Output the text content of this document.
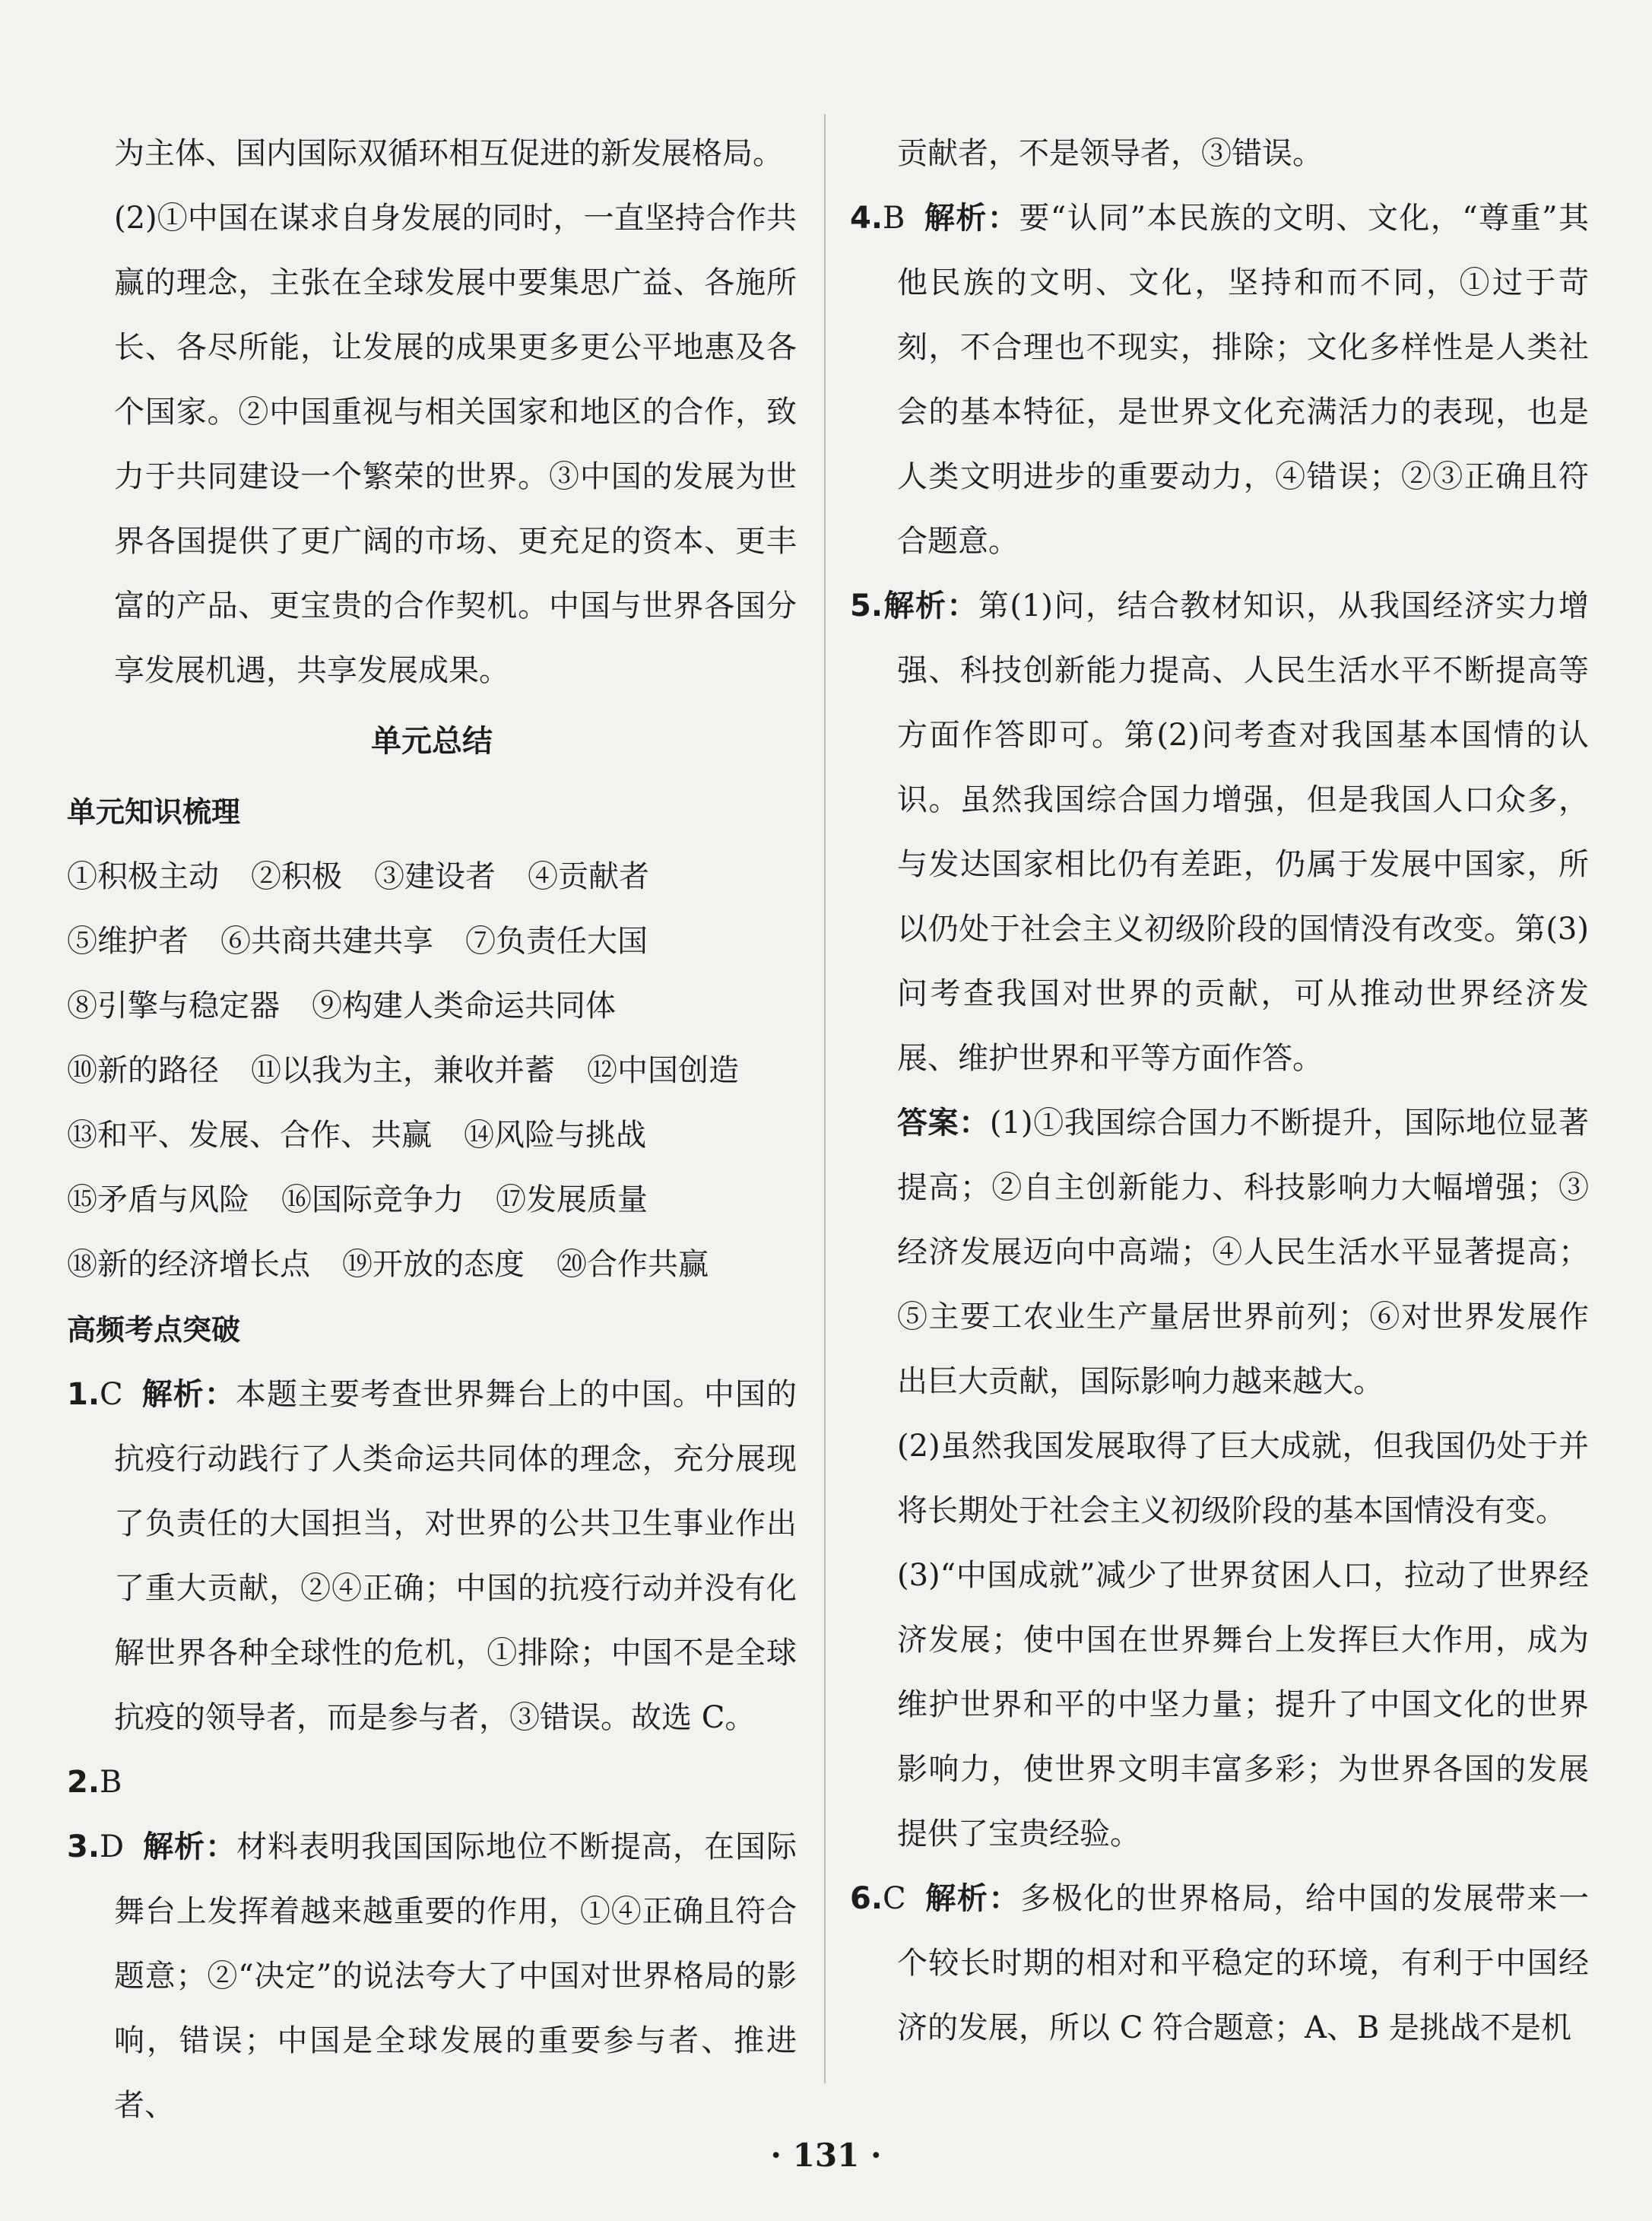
为主体、国内国际双循环相互促进的新发展格局。

(2)①中国在谋求自身发展的同时，一直坚持合作共赢的理念，主张在全球发展中要集思广益、各施所长、各尽所能，让发展的成果更多更公平地惠及各个国家。②中国重视与相关国家和地区的合作，致力于共同建设一个繁荣的世界。③中国的发展为世界各国提供了更广阔的市场、更充足的资本、更丰富的产品、更宝贵的合作契机。中国与世界各国分享发展机遇，共享发展成果。

单元总结

单元知识梳理

①积极主动 ②积极 ③建设者 ④贡献者

⑤维护者 ⑥共商共建共享 ⑦负责任大国

⑧引擎与稳定器 ⑨构建人类命运共同体

⑩新的路径 ⑪以我为主，兼收并蓄 ⑫中国创造

⑬和平、发展、合作、共赢 ⑭风险与挑战

⑮矛盾与风险 ⑯国际竞争力 ⑰发展质量

⑱新的经济增长点 ⑲开放的态度 ⑳合作共赢

高频考点突破

1.C 解析：本题主要考查世界舞台上的中国。中国的抗疫行动践行了人类命运共同体的理念，充分展现了负责任的大国担当，对世界的公共卫生事业作出了重大贡献，②④正确；中国的抗疫行动并没有化解世界各种全球性的危机，①排除；中国不是全球抗疫的领导者，而是参与者，③错误。故选 C。

2.B

3.D 解析：材料表明我国国际地位不断提高，在国际舞台上发挥着越来越重要的作用，①④正确且符合题意；②“决定”的说法夸大了中国对世界格局的影响，错误；中国是全球发展的重要参与者、推进者、

贡献者，不是领导者，③错误。

4.B 解析：要“认同”本民族的文明、文化，“尊重”其他民族的文明、文化，坚持和而不同，①过于苛刻，不合理也不现实，排除；文化多样性是人类社会的基本特征，是世界文化充满活力的表现，也是人类文明进步的重要动力，④错误；②③正确且符合题意。

5.解析：第(1)问，结合教材知识，从我国经济实力增强、科技创新能力提高、人民生活水平不断提高等方面作答即可。第(2)问考查对我国基本国情的认识。虽然我国综合国力增强，但是我国人口众多，与发达国家相比仍有差距，仍属于发展中国家，所以仍处于社会主义初级阶段的国情没有改变。第(3)问考查我国对世界的贡献，可从推动世界经济发展、维护世界和平等方面作答。

答案：(1)①我国综合国力不断提升，国际地位显著提高；②自主创新能力、科技影响力大幅增强；③经济发展迈向中高端；④人民生活水平显著提高；⑤主要工农业生产量居世界前列；⑥对世界发展作出巨大贡献，国际影响力越来越大。

(2)虽然我国发展取得了巨大成就，但我国仍处于并将长期处于社会主义初级阶段的基本国情没有变。

(3)“中国成就”减少了世界贫困人口，拉动了世界经济发展；使中国在世界舞台上发挥巨大作用，成为维护世界和平的中坚力量；提升了中国文化的世界影响力，使世界文明丰富多彩；为世界各国的发展提供了宝贵经验。

6.C 解析：多极化的世界格局，给中国的发展带来一个较长时期的相对和平稳定的环境，有利于中国经济的发展，所以 C 符合题意；A、B 是挑战不是机

· 131 ·
